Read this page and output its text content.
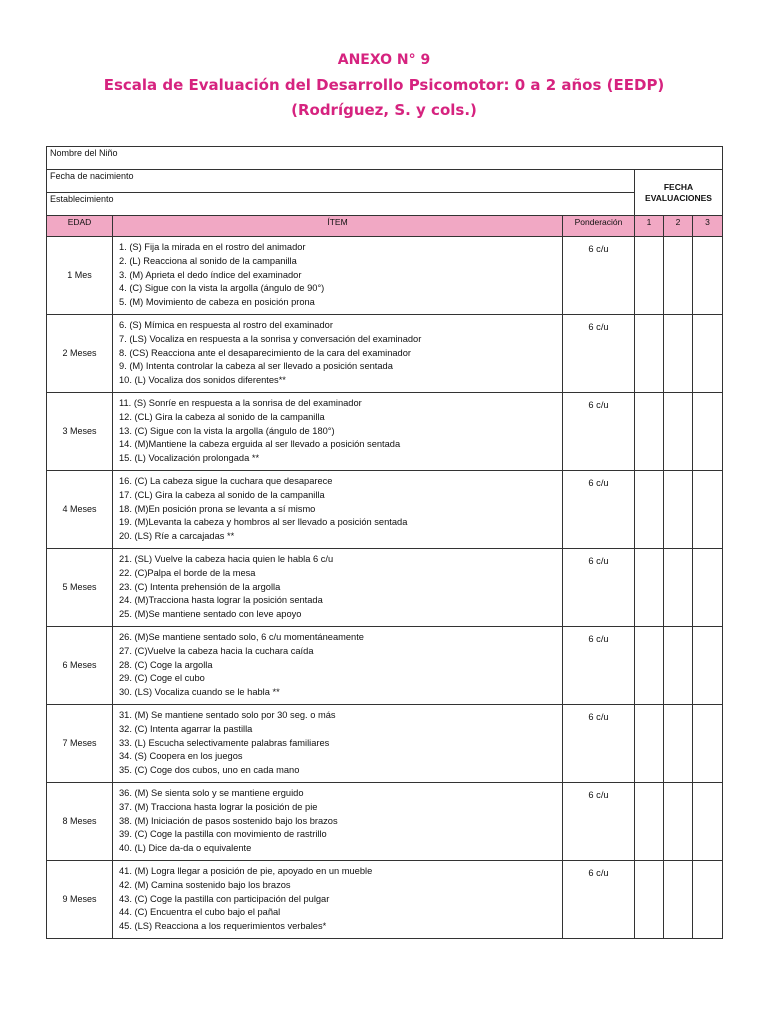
ANEXO N° 9
Escala de Evaluación del Desarrollo Psicomotor: 0 a 2 años (EEDP)
(Rodríguez, S. y cols.)
Nombre del Niño					
Fecha de nacimiento			FECHA EVALUACIONES		
Establecimiento					
EDAD	ÍTEM	Ponderación	1	2	3
1 Mes	1. (S) Fija la mirada en el rostro del animador
2. (L) Reacciona al sonido de la campanilla
3. (M) Aprieta el dedo índice del examinador
4. (C) Sigue con la vista la argolla (ángulo de 90°)
5. (M) Movimiento de cabeza en posición prona	6 c/u			
2 Meses	6. (S) Mímica en respuesta al rostro del examinador
7. (LS) Vocaliza en respuesta a la sonrisa y conversación del examinador
8. (CS) Reacciona ante el desaparecimiento de la cara del examinador
9. (M) Intenta controlar la cabeza al ser llevado a posición sentada
10. (L) Vocaliza dos sonidos diferentes**	6 c/u			
3 Meses	11. (S) Sonríe en respuesta a la sonrisa de del examinador
12. (CL) Gira la cabeza al sonido de la campanilla
13. (C) Sigue con la vista la argolla (ángulo de 180°)
14. (M)Mantiene la cabeza erguida al ser llevado a posición sentada
15. (L) Vocalización prolongada **	6 c/u			
4 Meses	16. (C) La cabeza sigue la cuchara que desaparece
17. (CL) Gira la cabeza al sonido de la campanilla
18. (M)En posición prona se levanta a sí mismo
19. (M)Levanta la cabeza y hombros al ser llevado a posición sentada
20. (LS) Ríe a carcajadas **	6 c/u			
5 Meses	21. (SL) Vuelve la cabeza hacia quien le habla 6 c/u
22. (C)Palpa el borde de la mesa
23. (C) Intenta prehensión de la argolla
24. (M)Tracciona hasta lograr la posición sentada
25. (M)Se mantiene sentado con leve apoyo	6 c/u			
6 Meses	26. (M)Se mantiene sentado solo, 6 c/u momentáneamente
27. (C)Vuelve la cabeza hacia la cuchara caída
28. (C) Coge la argolla
29. (C) Coge el cubo
30. (LS) Vocaliza cuando se le habla **	6 c/u			
7 Meses	31. (M) Se mantiene sentado solo por 30 seg. o más
32. (C) Intenta agarrar la pastilla
33. (L) Escucha selectivamente palabras familiares
34. (S) Coopera en los juegos
35. (C) Coge dos cubos, uno en cada mano	6 c/u			
8 Meses	36. (M) Se sienta solo y se mantiene erguido
37. (M) Tracciona hasta lograr la posición de pie
38. (M) Iniciación de pasos sostenido bajo los brazos
39. (C) Coge la pastilla con movimiento de rastrillo
40. (L) Dice da-da o equivalente	6 c/u			
9 Meses	41. (M) Logra llegar a posición de pie, apoyado en un mueble
42. (M) Camina sostenido bajo los brazos
43. (C) Coge la pastilla con participación del pulgar
44. (C) Encuentra el cubo bajo el pañal
45. (LS) Reacciona a los requerimientos verbales*	6 c/u			
